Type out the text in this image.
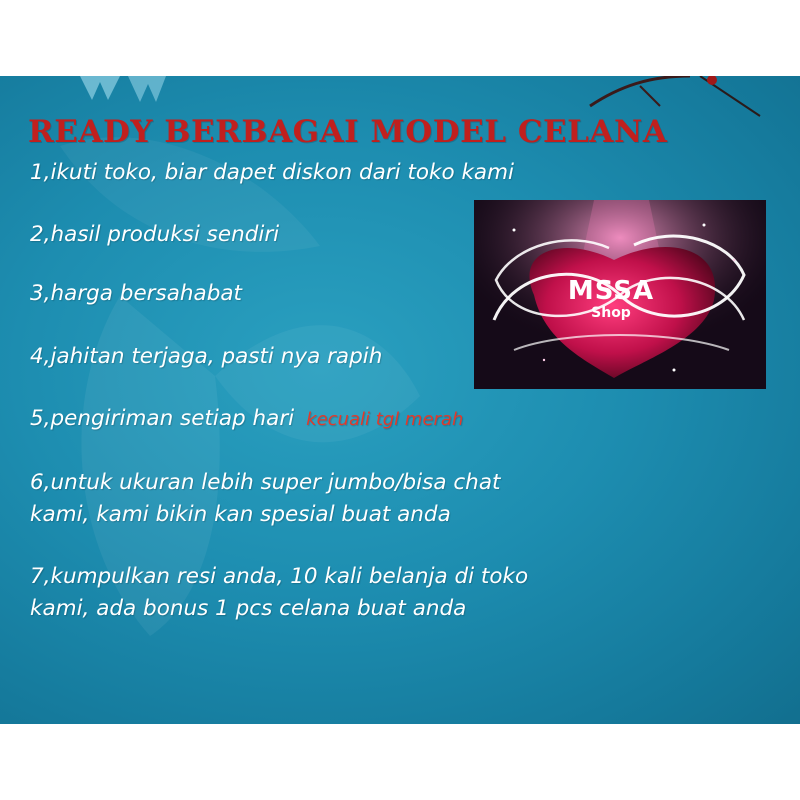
READY BERBAGAI MODEL CELANA

1,ikuti toko, biar dapet diskon dari toko kami

2,hasil produksi sendiri

3,harga bersahabat

4,jahitan terjaga, pasti nya rapih

5,pengiriman setiap hari kecuali tgl merah

6,untuk ukuran lebih super jumbo/bisa chat

kami, kami bikin kan spesial buat anda

7,kumpulkan resi anda, 10 kali belanja di toko

kami, ada bonus 1 pcs celana buat anda

MSSA
Shop
